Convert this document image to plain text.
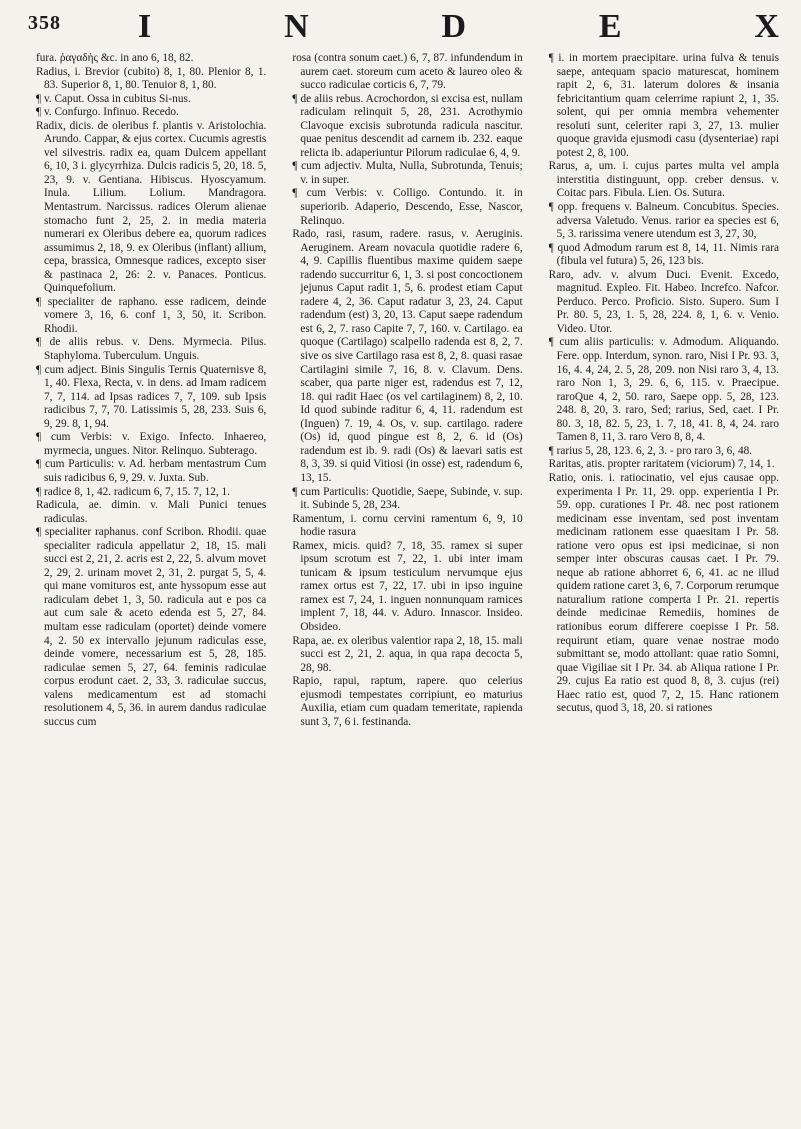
358 I	N	D	E	X

fura. ῥαγαδὴς &c. in ano 6, 18, 82.

Radius, i. Brevior (cubito) 8, 1, 80. Plenior 8, 1. 83. Superior 8, 1, 80. Tenuior 8, 1, 80.

¶ v. Caput. Ossa in cubitus Si-nus.

¶ v. Confurgo. Infinuo. Recedo.

Radix, dicis. de oleribus f. plantis v. Aristolochia. Arundo. Cappar, & ejus cortex. Cucumis agrestis vel silvestris. radix ea, quam Dulcem appellant 6, 10, 3 i. glycyrrhiza. Dulcis radicis 5, 20, 18. 5, 23, 9. v. Gentiana. Hibiscus. Hyoscyamum. Inula. Lilium. Lolium. Mandragora. Mentastrum. Narcissus. radices Olerum alienae stomacho funt 2, 25, 2. in media materia numerari ex Oleribus debere ea, quorum radices assumimus 2, 18, 9. ex Oleribus (inflant) allium, cepa, brassica, Omnesque radices, excepto siser & pastinaca 2, 26: 2. v. Panaces. Ponticus. Quinquefolium.

¶ specialiter de raphano. esse radicem, deinde vomere 3, 16, 6. conf 1, 3, 50, it. Scribon. Rhodii.

¶ de aliis rebus. v. Dens. Myrmecia. Pilus. Staphyloma. Tuberculum. Unguis.

¶ cum adject. Binis Singulis Ternis Quaternisve 8, 1, 40. Flexa, Recta, v. in dens. ad Imam radicem 7, 7, 114. ad Ipsas radices 7, 7, 109. sub Ipsis radicibus 7, 7, 70. Latissimis 5, 28, 233. Suis 6, 9, 29. 8, 1, 94.

¶ cum Verbis: v. Exigo. Infecto. Inhaereo, myrmecia, ungues. Nitor. Relinquo. Subterago.

¶ cum Particulis: v. Ad. herbam mentastrum Cum suis radicibus 6, 9, 29. v. Juxta. Sub.

¶ radice 8, 1, 42. radicum 6, 7, 15. 7, 12, 1.

Radicula, ae. dimin. v. Mali Punici tenues radiculas.

¶ specialiter raphanus. conf Scribon. Rhodii. quae specialiter radicula appellatur 2, 18, 15. mali succi est 2, 21, 2. acris est 2, 22, 5. alvum movet 2, 29, 2. urinam movet 2, 31, 2. purgat 5, 5, 4. qui mane vomituros est, ante hyssopum esse aut radiculam debet 1, 3, 50. radicula aut e pos ca aut cum sale & aceto edenda est 5, 27, 84. multam esse radiculam (oportet) deinde vomere 4, 2. 50 ex intervallo jejunum radiculas esse, deinde vomere, necessarium est 5, 28, 185. radiculae semen 5, 27, 64. feminis radiculae corpus erodunt caet. 2, 33, 3. radiculae succus, valens medicamentum est ad stomachi resolutionem 4, 5, 36. in aurem dandus radiculae succus cum

rosa (contra sonum caet.) 6, 7, 87. infundendum in aurem caet. storeum cum aceto & laureo oleo & succo radiculae corticis 6, 7, 79.

¶ de aliis rebus. Acrochordon, si excisa est, nullam radiculam relinquit 5, 28, 231. Acrothymio Clavoque excisis subrotunda radicula nascitur. quae penitus descendit ad carnem ib. 232. eaque relicta ib. adaperiuntur Pilorum radiculae 6, 4, 9.

¶ cum adjectiv. Multa, Nulla, Subrotunda, Tenuis; v. in super.

¶ cum Verbis: v. Colligo. Contundo. it. in superiorib. Adaperio, Descendo, Esse, Nascor, Relinquo.

Rado, rasi, rasum, radere. rasus, v. Aeruginis. Aeruginem. Aream novacula quotidie radere 6, 4, 9. Capillis fluentibus maxime quidem saepe radendo succurritur 6, 1, 3. si post concoctionem jejunus Caput radit 1, 5, 6. prodest etiam Caput radere 4, 2, 36. Caput radatur 3, 23, 24. Caput radendum (est) 3, 20, 13. Caput saepe radendum est 6, 2, 7. raso Capite 7, 7, 160. v. Cartilago. ea quoque (Cartilago) scalpello radenda est 8, 2, 7. sive os sive Cartilago rasa est 8, 2, 8. quasi rasae Cartilagini simile 7, 16, 8. v. Clavum. Dens. scaber, qua parte niger est, radendus est 7, 12, 18. qui radit Haec (os vel cartilaginem) 8, 2, 10. Id quod subinde raditur 6, 4, 11. radendum est (Inguen) 7. 19, 4. Os, v. sup. cartilago. radere (Os) id, quod pingue est 8, 2, 6. id (Os) radendum est ib. 9. radi (Os) & laevari satis est 8, 3, 39. si quid Vitiosi (in osse) est, radendum 6, 13, 15.

¶ cum Particulis: Quotidie, Saepe, Subinde, v. sup. it. Subinde 5, 28, 234.

Ramentum, i. cornu cervini ramentum 6, 9, 10 hodie rasura

Ramex, micis. quid? 7, 18, 35. ramex si super ipsum scrotum est 7, 22, 1. ubi inter imam tunicam & ipsum testiculum nervumque ejus ramex ortus est 7, 22, 17. ubi in ipso inguine ramex est 7, 24, 1. inguen nonnunquam ramices implent 7, 18, 44. v. Aduro. Innascor. Insideo. Obsideo.

Rapa, ae. ex oleribus valentior rapa 2, 18, 15. mali succi est 2, 21, 2. aqua, in qua rapa decocta 5, 28, 98.

Rapio, rapui, raptum, rapere. quo celerius ejusmodi tempestates corripiunt, eo maturius Auxilia, etiam cum quadam temeritate, rapienda sunt 3, 7, 6 i. festinanda.

¶ i. in mortem praecipitare. urina fulva & tenuis saepe, antequam spacio maturescat, hominem rapit 2, 6, 31. laterum dolores & insania febricitantium quam celerrime rapiunt 2, 1, 35. solent, qui per omnia membra vehementer resoluti sunt, celeriter rapi 3, 27, 13. mulier quoque gravida ejusmodi casu (dysenteriae) rapi potest 2, 8, 100.

Rarus, a, um. i. cujus partes multa vel ampla interstitia distinguunt, opp. creber densus. v. Coitac pars. Fibula. Lien. Os. Sutura.

¶ opp. frequens v. Balneum. Concubitus. Species. adversa Valetudo. Venus. rarior ea species est 6, 5, 3. rarissima venere utendum est 3, 27, 30,

¶ quod Admodum rarum est 8, 14, 11. Nimis rara (fibula vel futura) 5, 26, 123 bis.

Raro, adv. v. alvum Duci. Evenit. Excedo, magnitud. Expleo. Fit. Habeo. Increfco. Nafcor. Perduco. Perco. Proficio. Sisto. Supero. Sum I Pr. 80. 5, 23, 1. 5, 28, 224. 8, 1, 6. v. Venio. Video. Utor.

¶ cum aliis particulis: v. Admodum. Aliquando. Fere. opp. Interdum, synon. raro, Nisi I Pr. 93. 3, 16, 4. 4, 24, 2. 5, 28, 209. non Nisi raro 3, 4, 13. raro Non 1, 3, 29. 6, 6, 115. v. Praecipue. raroQue 4, 2, 50. raro, Saepe opp. 5, 28, 123. 248. 8, 20, 3. raro, Sed; rarius, Sed, caet. I Pr. 80. 3, 18, 82. 5, 23, 1. 7, 18, 41. 8, 4, 24. raro Tamen 8, 11, 3. raro Vero 8, 8, 4.

¶ rarius 5, 28, 123. 6, 2, 3. - pro raro 3, 6, 48.

Raritas, atis. propter raritatem (viciorum) 7, 14, 1.

Ratio, onis. i. ratiocinatio, vel ejus causae opp. experimenta I Pr. 11, 29. opp. experientia I Pr. 59. opp. curationes I Pr. 48. nec post rationem medicinam esse inventam, sed post inventam medicinam rationem esse quaesitam I Pr. 58. ratione vero opus est ipsi medicinae, si non semper inter obscuras causas caet. I Pr. 79. neque ab ratione abhorret 6, 6, 41. ac ne illud quidem ratione caret 3, 6, 7. Corporum rerumque naturalium ratione comperta I Pr. 21. repertis deinde medicinae Remediis, homines de rationibus eorum differere coepisse I Pr. 58. requirunt etiam, quare venae nostrae modo submittant se, modo attollant: quae ratio Somni, quae Vigiliae sit I Pr. 34. ab Aliqua ratione I Pr. 29. cujus Ea ratio est quod 8, 8, 3. cujus (rei) Haec ratio est, quod 7, 2, 15. Hanc rationem secutus, quod 3, 18, 20. si rationes
